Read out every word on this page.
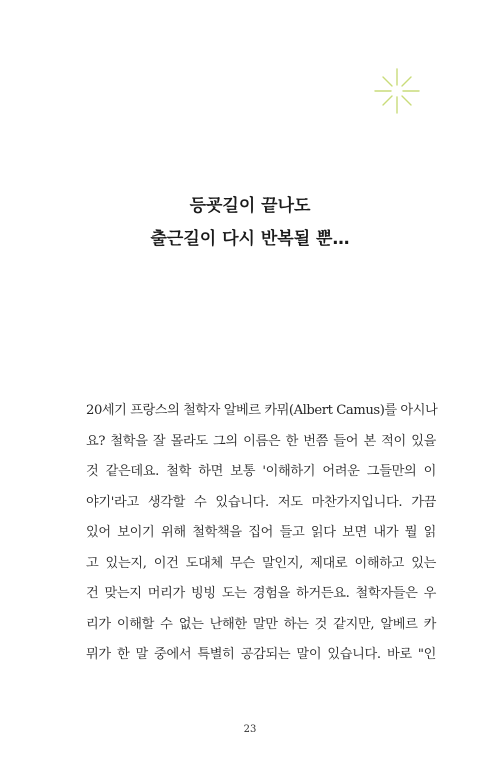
등굣길이 끝나도
출근길이 다시 반복될 뿐…
20세기 프랑스의 철학자 알베르 카뮈(Albert Camus)를 아시나
요? 철학을 잘 몰라도 그의 이름은 한 번쯤 들어 본 적이 있을
것 같은데요. 철학 하면 보통 '이해하기 어려운 그들만의 이
야기'라고 생각할 수 있습니다. 저도 마찬가지입니다. 가끔
있어 보이기 위해 철학책을 집어 들고 읽다 보면 내가 뭘 읽
고 있는지, 이건 도대체 무슨 말인지, 제대로 이해하고 있는
건 맞는지 머리가 빙빙 도는 경험을 하거든요. 철학자들은 우
리가 이해할 수 없는 난해한 말만 하는 것 같지만, 알베르 카
뮈가 한 말 중에서 특별히 공감되는 말이 있습니다. 바로 "인
23
